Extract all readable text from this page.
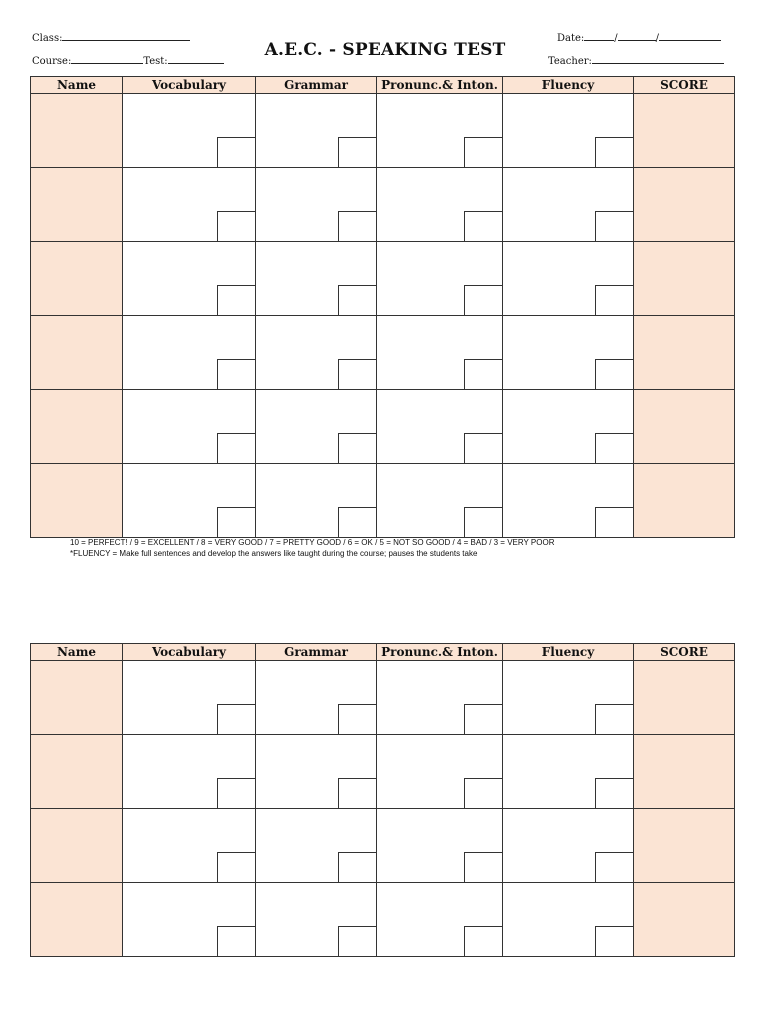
Class:
Course:	Test:
A.E.C. - SPEAKING TEST
Date:	/	/
Teacher:
Name	Vocabulary	Grammar	Pronunc.& Inton.	Fluency	SCORE

10 = PERFECT! / 9 = EXCELLENT / 8 = VERY GOOD / 7 = PRETTY GOOD / 6 = OK / 5 = NOT SO GOOD / 4 = BAD / 3 = VERY POOR
*FLUENCY = Make full sentences and develop the answers like taught during the course; pauses the students take
Name	Vocabulary	Grammar	Pronunc.& Inton.	Fluency	SCORE
